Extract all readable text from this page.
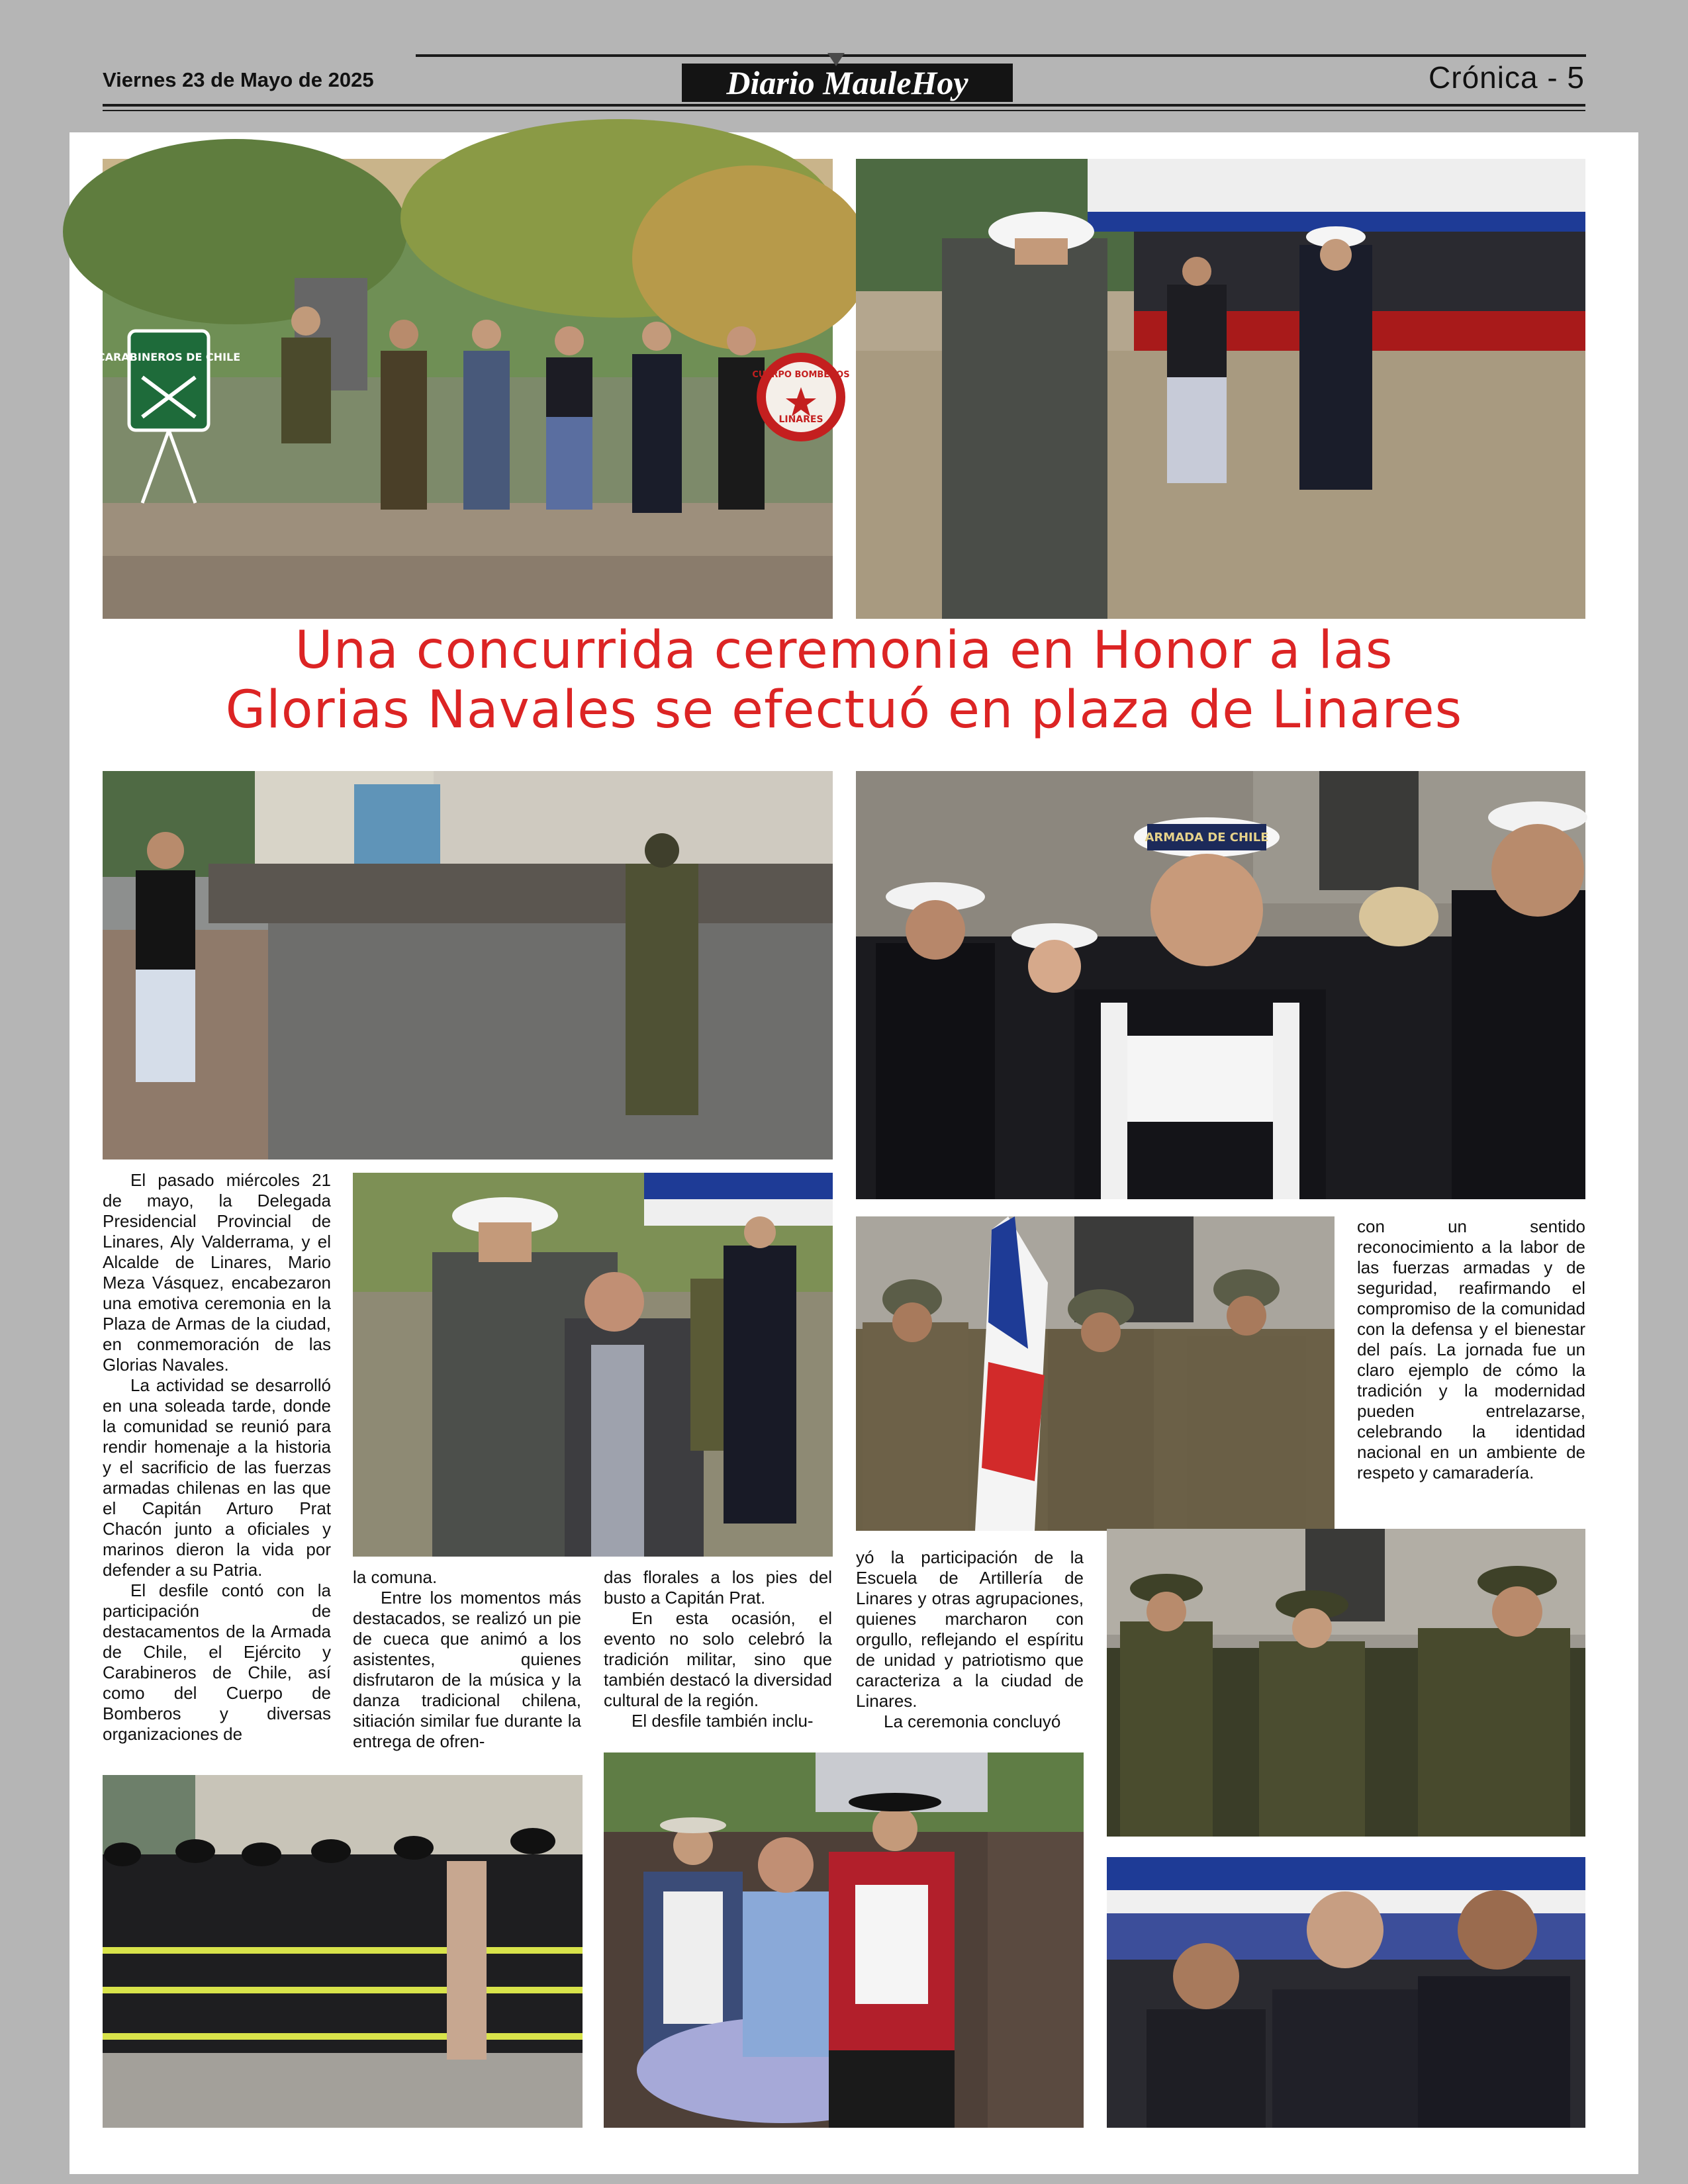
Viernes 23 de Mayo de 2025	Diario MauleHoy	Crónica - 5
CARABINEROS DE CHILE
CUERPO BOMBEROS
LINARES
Una concurrida ceremonia en Honor a las
Glorias Navales se efectuó en plaza de Linares
ARMADA DE CHILE

El pasado miércoles 21 de mayo, la Delegada Presidencial Provincial de Linares, Aly Valderrama, y el Alcalde de Linares, Mario Meza Vásquez, encabezaron una emotiva ceremonia en la Plaza de Armas de la ciudad, en conmemoración de las Glorias Navales.

La actividad se desarrolló en una soleada tarde, donde la comunidad se reunió para rendir homenaje a la historia y el sacrificio de las fuerzas armadas chilenas en las que el Capitán Arturo Prat Chacón junto a oficiales y marinos dieron la vida por defender a su Patria.

El desfile contó con la participación de destacamentos de la Armada de Chile, el Ejército y Carabineros de Chile, así como del Cuerpo de Bomberos y diversas organizaciones de

la comuna.

Entre los momentos más destacados, se realizó un pie de cueca que animó a los asistentes, quienes disfrutaron de la música y la danza tradicional chilena, sitiación similar fue durante la entrega de ofren-

das florales a los pies del busto a Capitán Prat.

En esta ocasión, el evento no solo celebró la tradición militar, sino que también destacó la diversidad cultural de la región.

El desfile también inclu-

yó la participación de la Escuela de Artillería de Linares y otras agrupaciones, quienes marcharon con orgullo, reflejando el espíritu de unidad y patriotismo que caracteriza a la ciudad de Linares.

La ceremonia concluyó

con un sentido reconocimiento a la labor de las fuerzas armadas y de seguridad, reafirmando el compromiso de la comunidad con la defensa y el bienestar del país. La jornada fue un claro ejemplo de cómo la tradición y la modernidad pueden entrelazarse, celebrando la identidad nacional en un ambiente de respeto y camaradería.
